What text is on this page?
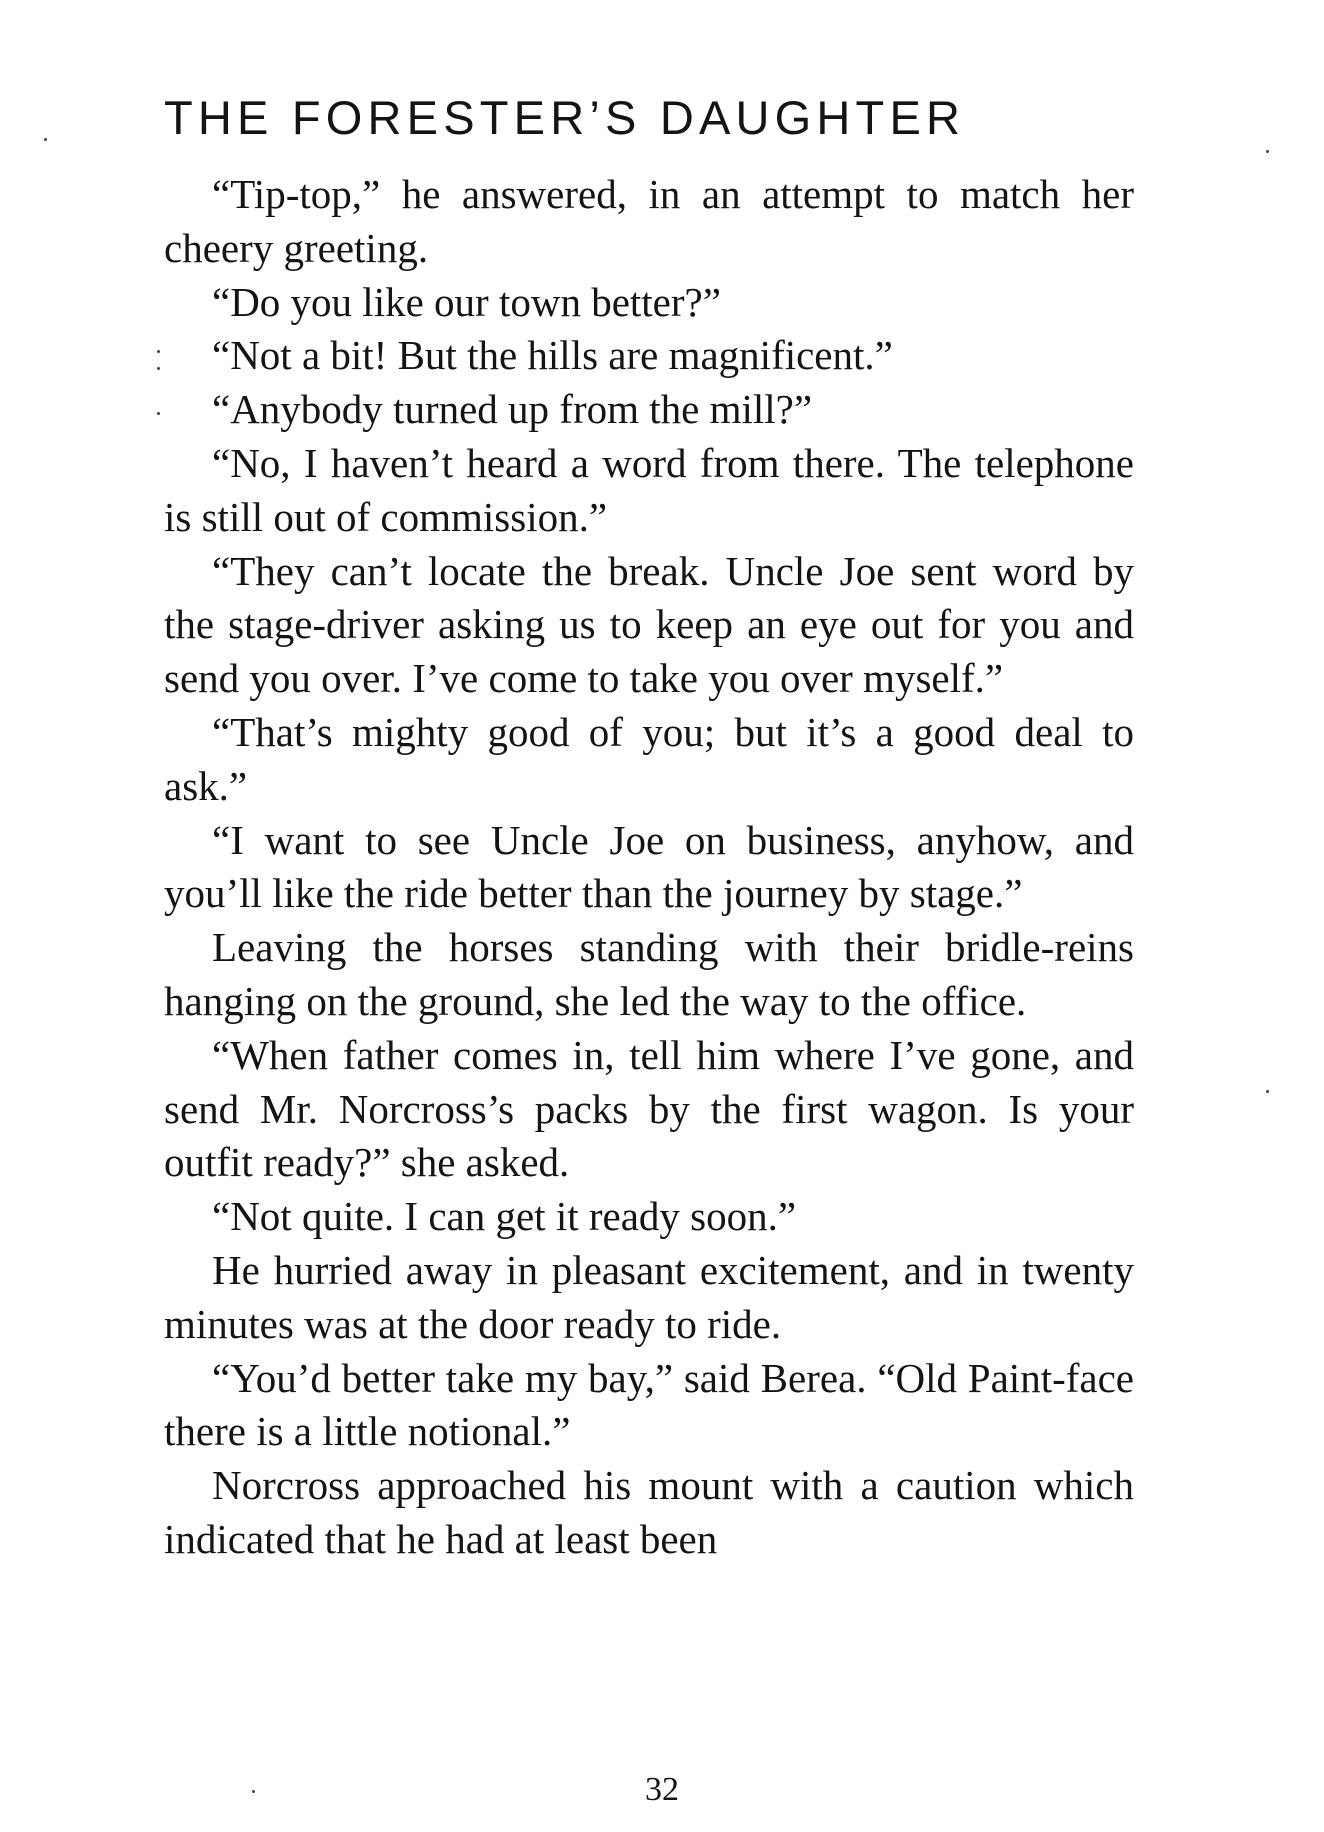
THE FORESTER’S DAUGHTER

“Tip-top,” he answered, in an attempt to match her cheery greeting.

“Do you like our town better?”

“Not a bit! But the hills are magnificent.”

“Anybody turned up from the mill?”

“No, I haven’t heard a word from there. The telephone is still out of commission.”

“They can’t locate the break. Uncle Joe sent word by the stage-driver asking us to keep an eye out for you and send you over. I’ve come to take you over myself.”

“That’s mighty good of you; but it’s a good deal to ask.”

“I want to see Uncle Joe on business, anyhow, and you’ll like the ride better than the journey by stage.”

Leaving the horses standing with their bridle-reins hanging on the ground, she led the way to the office.

“When father comes in, tell him where I’ve gone, and send Mr. Norcross’s packs by the first wagon. Is your outfit ready?” she asked.

“Not quite. I can get it ready soon.”

He hurried away in pleasant excitement, and in twenty minutes was at the door ready to ride.

“You’d better take my bay,” said Berea. “Old Paint-face there is a little notional.”

Norcross approached his mount with a caution which indicated that he had at least been

32
